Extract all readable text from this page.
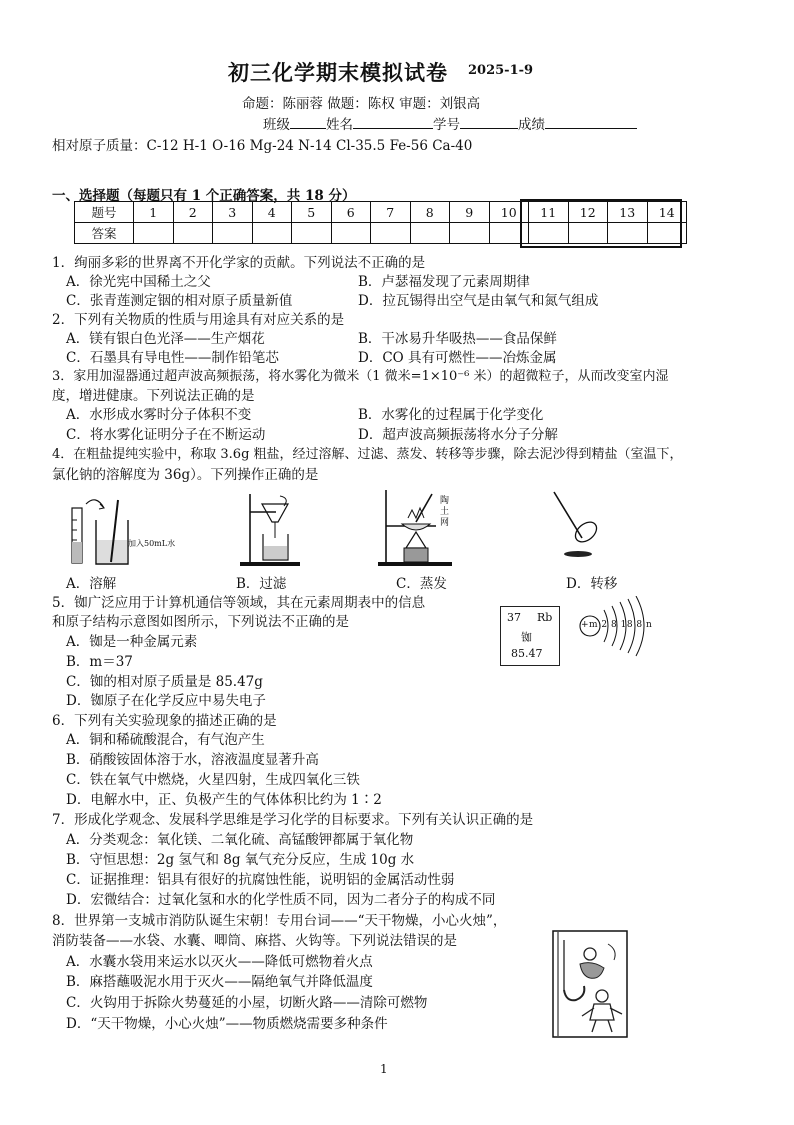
初三化学期末模拟试卷 2025-1-9
命题：陈丽蓉 做题：陈权 审题：刘银高
班级	姓名	学号	成绩
相对原子质量：C-12 H-1 O-16 Mg-24 N-14 Cl-35.5 Fe-56 Ca-40
一、选择题（每题只有 1 个正确答案，共 18 分）
题号	1	2	3	4	5	6	7	8	9	10	11	12	13	14
答案														
1．绚丽多彩的世界离不开化学家的贡献。下列说法不正确的是
A．徐光宪中国稀土之父	B．卢瑟福发现了元素周期律
C．张青莲测定铟的相对原子质量新值	D．拉瓦锡得出空气是由氧气和氮气组成
2．下列有关物质的性质与用途具有对应关系的是
A．镁有银白色光泽——生产烟花	B．干冰易升华吸热——食品保鲜
C．石墨具有导电性——制作铅笔芯	D．CO 具有可燃性——冶炼金属
3．家用加湿器通过超声波高频振荡，将水雾化为微米（1 微米=1×10⁻⁶ 米）的超微粒子，从而改变室内湿
度，增进健康。下列说法正确的是
A．水形成水雾时分子体积不变	B．水雾化的过程属于化学变化
C．将水雾化证明分子在不断运动	D．超声波高频振荡将水分子分解
4．在粗盐提纯实验中，称取 3.6g 粗盐，经过溶解、过滤、蒸发、转移等步骤，除去泥沙得到精盐（室温下，
氯化钠的溶解度为 36g）。下列操作正确的是
加入50mL水
陶土网
A．溶解	B．过滤	C．蒸发	D．转移
5．铷广泛应用于计算机通信等领域，其在元素周期表中的信息
和原子结构示意图如图所示，下列说法不正确的是
A．铷是一种金属元素
B．m＝37
C．铷的相对原子质量是 85.47g
D．铷原子在化学反应中易失电子
37 Rb
铷
85.47
+m 2 8 18 8 n
6．下列有关实验现象的描述正确的是
A．铜和稀硫酸混合，有气泡产生
B．硝酸铵固体溶于水，溶液温度显著升高
C．铁在氧气中燃烧，火星四射，生成四氧化三铁
D．电解水中，正、负极产生的气体体积比约为 1∶2
7．形成化学观念、发展科学思维是学习化学的目标要求。下列有关认识正确的是
A．分类观念：氧化镁、二氧化硫、高锰酸钾都属于氧化物
B．守恒思想：2g 氢气和 8g 氧气充分反应，生成 10g 水
C．证据推理：铝具有很好的抗腐蚀性能，说明铝的金属活动性弱
D．宏微结合：过氧化氢和水的化学性质不同，因为二者分子的构成不同
8．世界第一支城市消防队诞生宋朝！专用台词——“天干物燥，小心火烛”，
消防装备——水袋、水囊、唧筒、麻搭、火钩等。下列说法错误的是
A．水囊水袋用来运水以灭火——降低可燃物着火点
B．麻搭蘸吸泥水用于灭火——隔绝氧气并降低温度
C．火钩用于拆除火势蔓延的小屋，切断火路——清除可燃物
D．“天干物燥，小心火烛”——物质燃烧需要多种条件
1
